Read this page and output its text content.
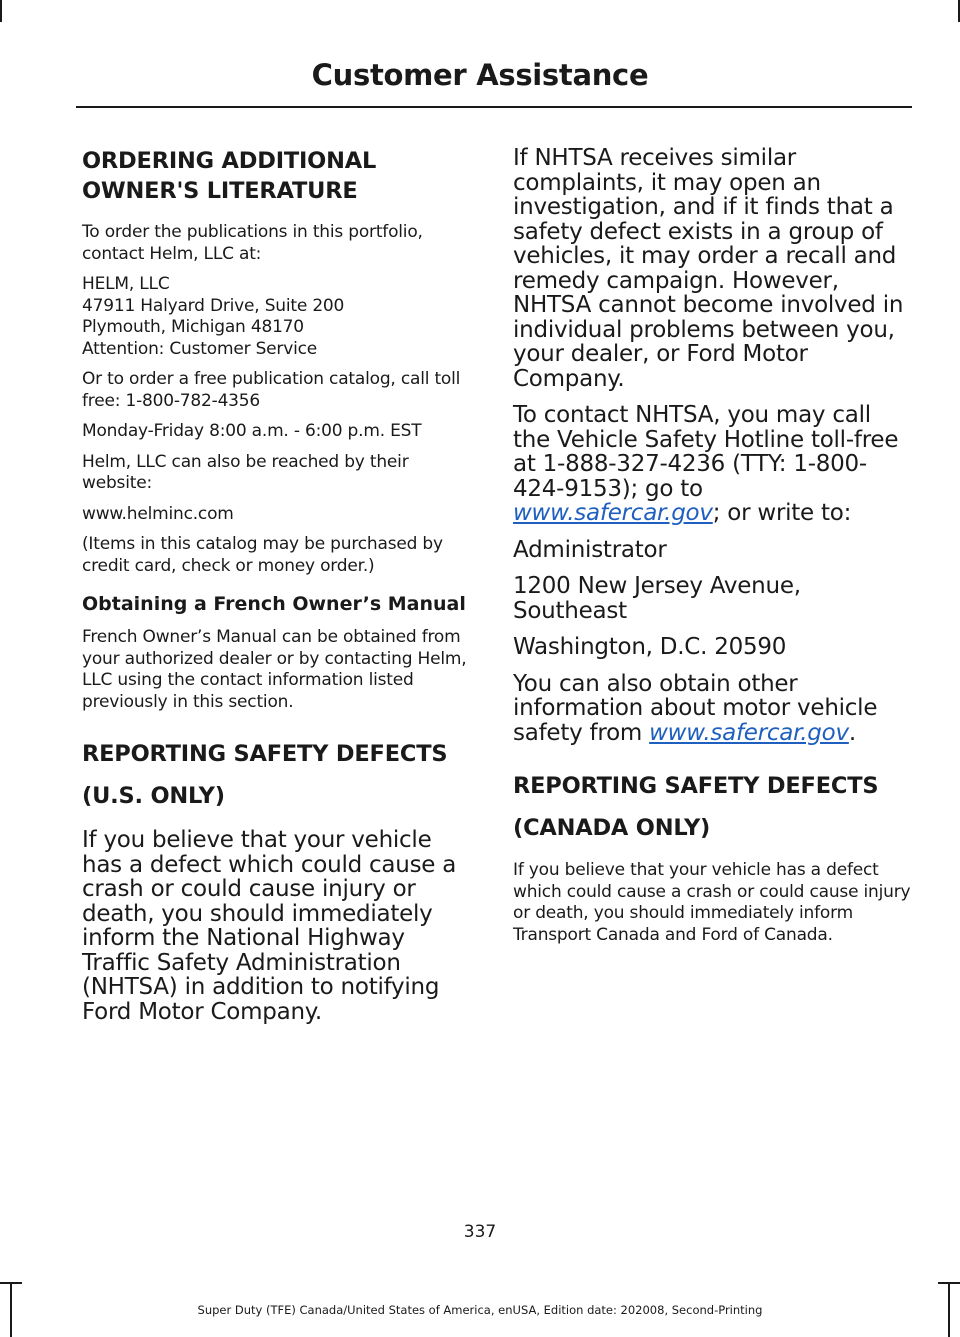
Customer Assistance
ORDERING ADDITIONAL
OWNER'S LITERATURE

To order the publications in this portfolio, contact Helm, LLC at:

HELM, LLC
47911 Halyard Drive, Suite 200
Plymouth, Michigan 48170
Attention: Customer Service

Or to order a free publication catalog, call toll free: 1-800-782-4356

Monday-Friday 8:00 a.m. - 6:00 p.m. EST

Helm, LLC can also be reached by their website:

www.helminc.com

(Items in this catalog may be purchased by credit card, check or money order.)

Obtaining a French Owner’s Manual

French Owner’s Manual can be obtained from your authorized dealer or by contacting Helm, LLC using the contact information listed previously in this section.

REPORTING SAFETY DEFECTS
(U.S. ONLY)

If you believe that your vehicle has a defect which could cause a crash or could cause injury or death, you should immediately inform the National Highway Traffic Safety Administration (NHTSA) in addition to notifying Ford Motor Company.

If NHTSA receives similar complaints, it may open an investigation, and if it finds that a safety defect exists in a group of vehicles, it may order a recall and remedy campaign. However, NHTSA cannot become involved in individual problems between you, your dealer, or Ford Motor Company.

To contact NHTSA, you may call the Vehicle Safety Hotline toll-free at 1-888-327-4236 (TTY: 1-800-424-9153); go to www.safercar.gov; or write to:

Administrator

1200 New Jersey Avenue, Southeast

Washington, D.C. 20590

You can also obtain other information about motor vehicle safety from www.safercar.gov.

REPORTING SAFETY DEFECTS
(CANADA ONLY)

If you believe that your vehicle has a defect which could cause a crash or could cause injury or death, you should immediately inform Transport Canada and Ford of Canada.

337
Super Duty (TFE) Canada/United States of America, enUSA, Edition date: 202008, Second-Printing
